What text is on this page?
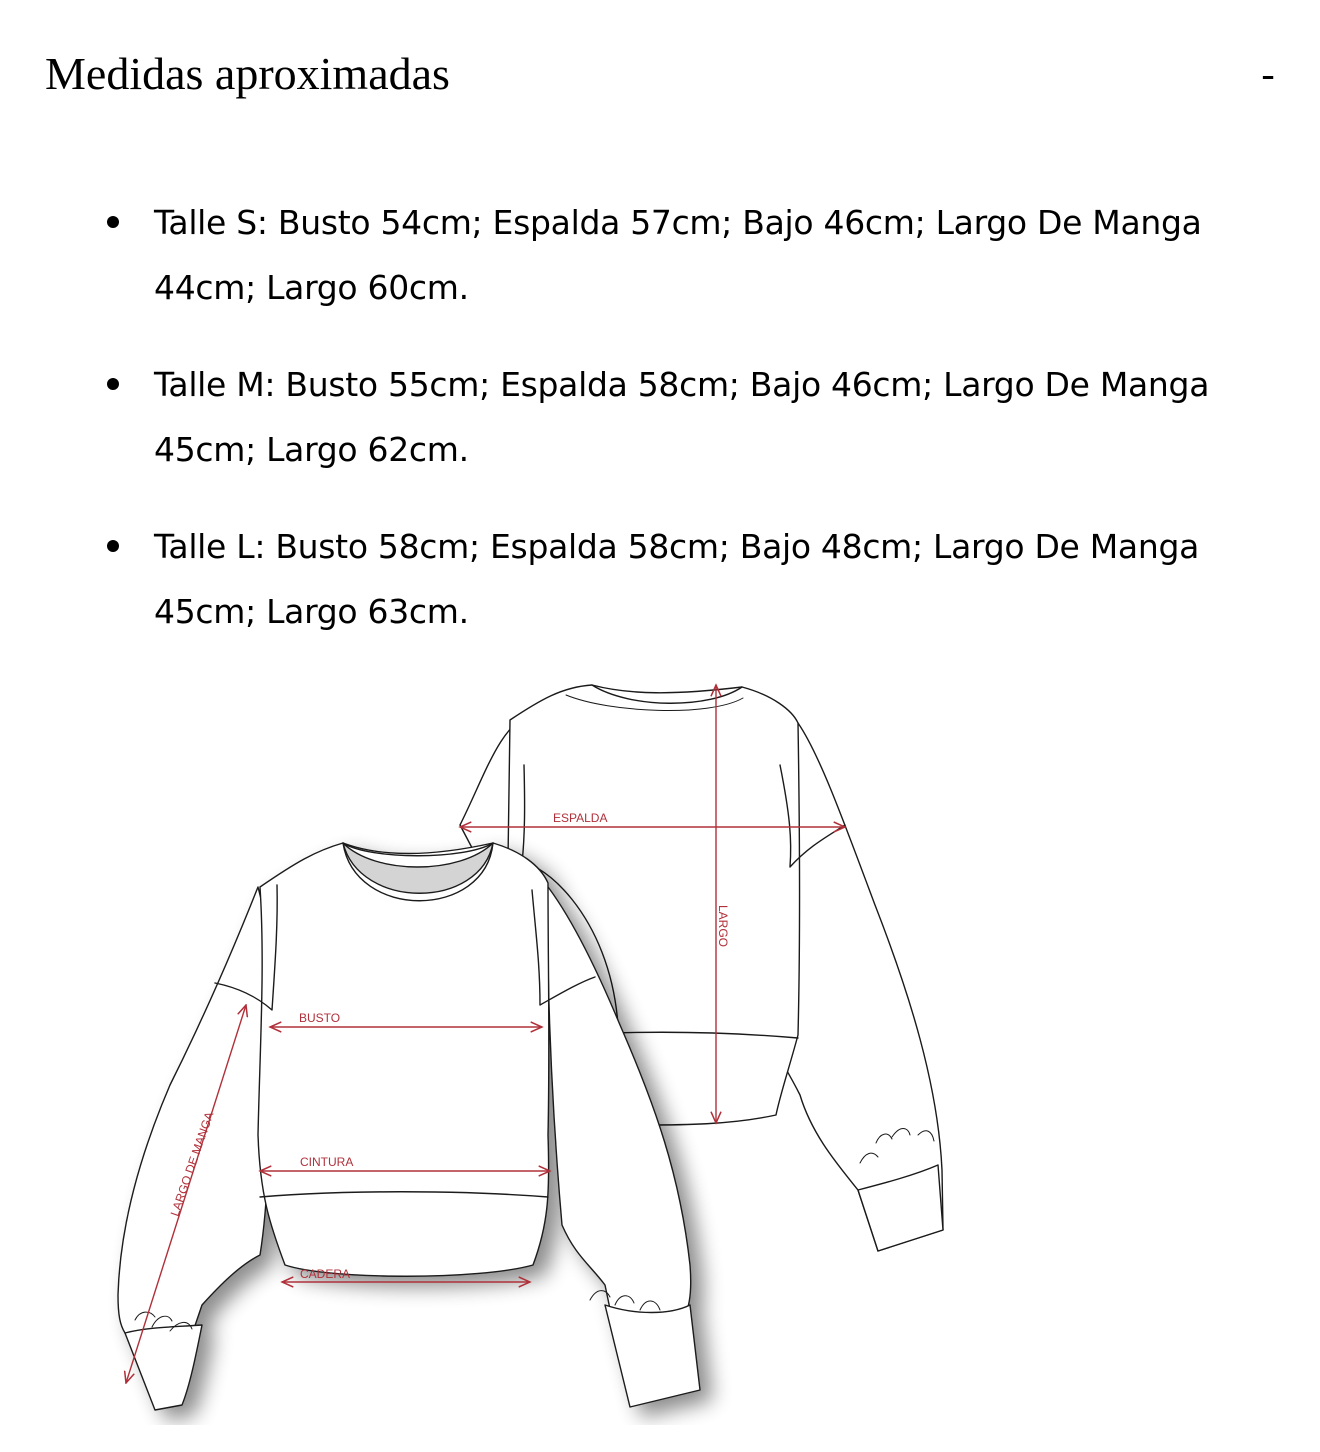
Medidas aproximadas	-
Talle S: Busto 54cm; Espalda 57cm; Bajo 46cm; Largo De Manga 44cm; Largo 60cm.
Talle M: Busto 55cm; Espalda 58cm; Bajo 46cm; Largo De Manga 45cm; Largo 62cm.
Talle L: Busto 58cm; Espalda 58cm; Bajo 48cm; Largo De Manga 45cm; Largo 63cm.
ESPALDA
LARGO
BUSTO
CINTURA
CADERA
LARGO DE MANGA
